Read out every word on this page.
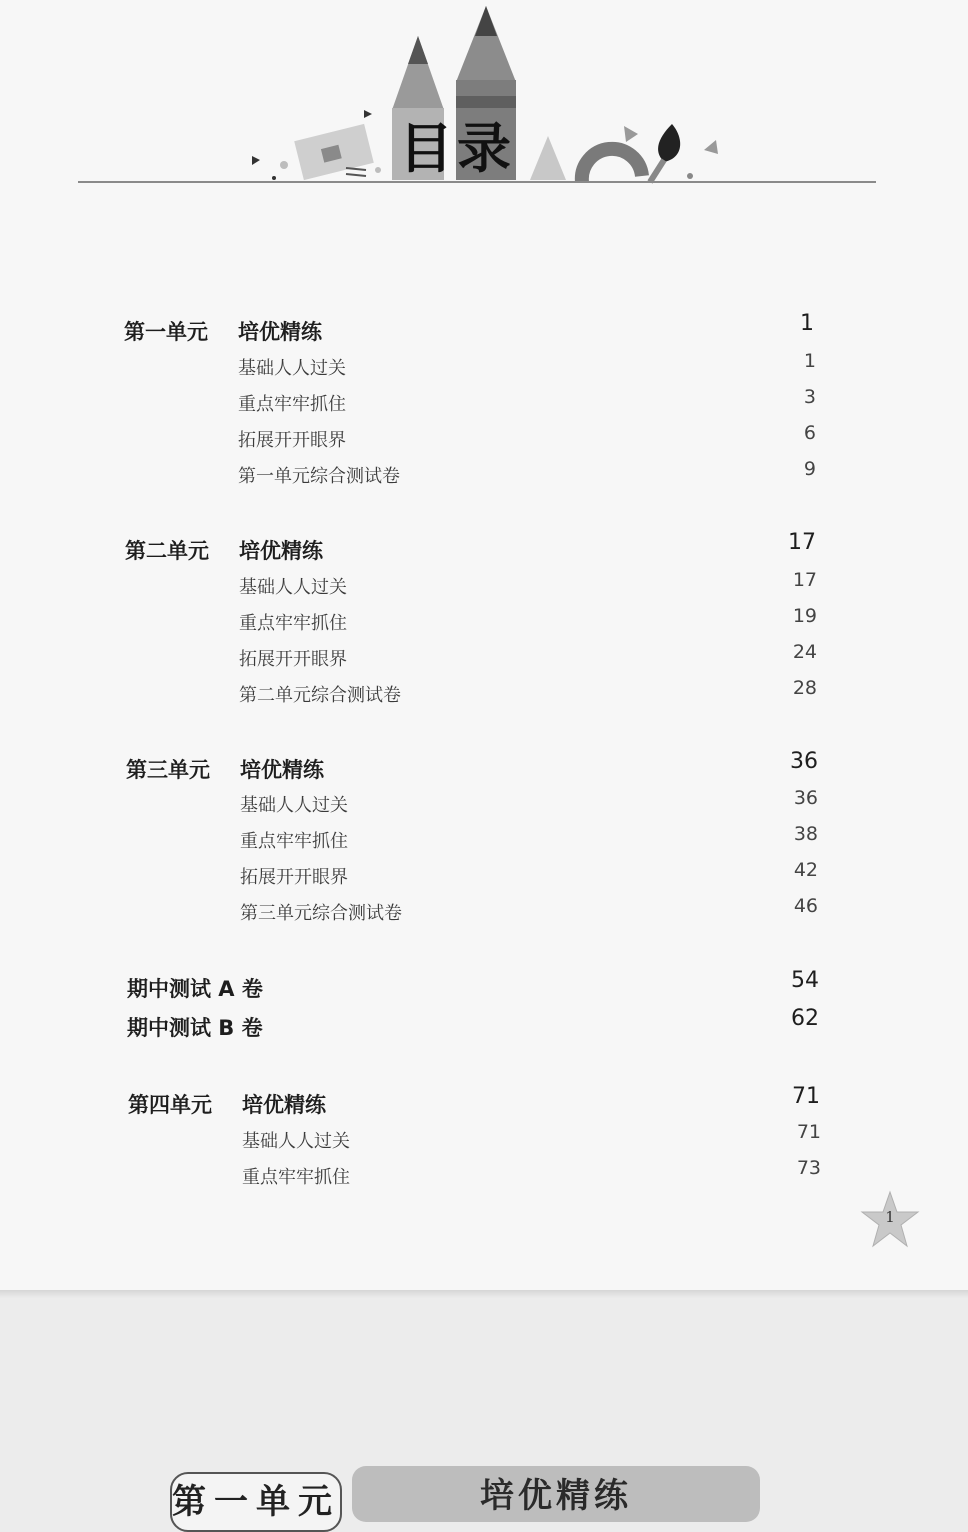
目录
第一单元 培优精练	1
基础人人过关	1
重点牢牢抓住	3
拓展开开眼界	6
第一单元综合测试卷	9
第二单元 培优精练	17
基础人人过关	17
重点牢牢抓住	19
拓展开开眼界	24
第二单元综合测试卷	28
第三单元 培优精练	36
基础人人过关	36
重点牢牢抓住	38
拓展开开眼界	42
第三单元综合测试卷	46
期中测试 A 卷	54
期中测试 B 卷	62
第四单元 培优精练	71
基础人人过关	71
重点牢牢抓住	73
1
第一单元	培优精练
